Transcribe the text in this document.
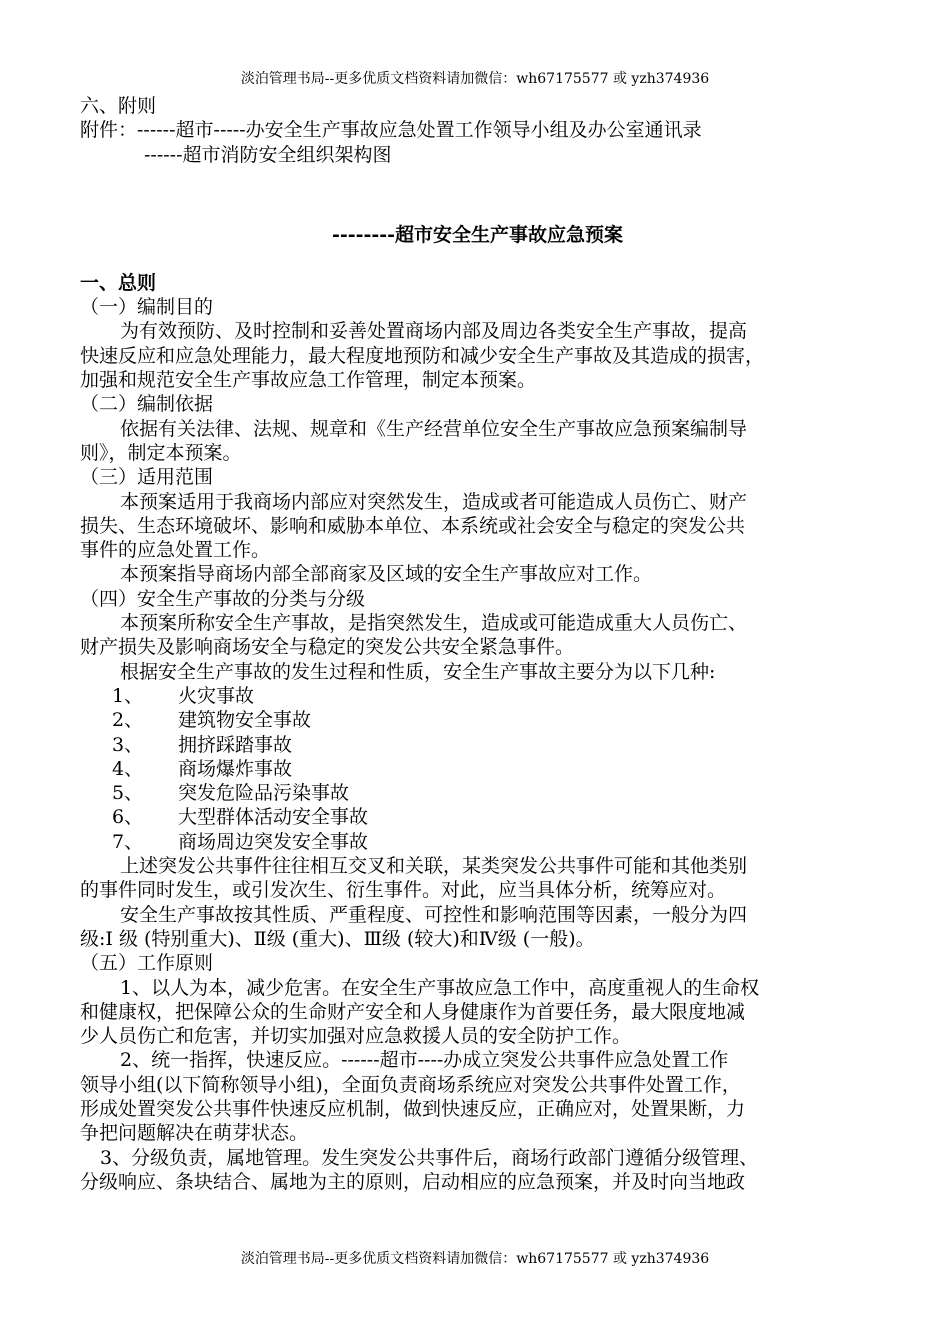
淡泊管理书局--更多优质文档资料请加微信：wh67175577 或 yzh374936

六、附则

附件：------超市-----办安全生产事故应急处置工作领导小组及办公室通讯录

------超市消防安全组织架构图

--------超市安全生产事故应急预案

一、总则

（一）编制目的

为有效预防、及时控制和妥善处置商场内部及周边各类安全生产事故，提高

快速反应和应急处理能力，最大程度地预防和减少安全生产事故及其造成的损害，

加强和规范安全生产事故应急工作管理，制定本预案。

（二）编制依据

依据有关法律、法规、规章和《生产经营单位安全生产事故应急预案编制导

则》，制定本预案。

（三）适用范围

本预案适用于我商场内部应对突然发生，造成或者可能造成人员伤亡、财产

损失、生态环境破坏、影响和威胁本单位、本系统或社会安全与稳定的突发公共

事件的应急处置工作。

本预案指导商场内部全部商家及区域的安全生产事故应对工作。

（四）安全生产事故的分类与分级

本预案所称安全生产事故，是指突然发生，造成或可能造成重大人员伤亡、

财产损失及影响商场安全与稳定的突发公共安全紧急事件。

根据安全生产事故的发生过程和性质，安全生产事故主要分为以下几种:

1、 火灾事故

2、 建筑物安全事故

3、 拥挤踩踏事故

4、 商场爆炸事故

5、 突发危险品污染事故

6、 大型群体活动安全事故

7、 商场周边突发安全事故

上述突发公共事件往往相互交叉和关联，某类突发公共事件可能和其他类别

的事件同时发生，或引发次生、衍生事件。对此，应当具体分析，统筹应对。

安全生产事故按其性质、严重程度、可控性和影响范围等因素，一般分为四

级:Ⅰ 级 (特别重大)、Ⅱ级 (重大)、Ⅲ级 (较大)和Ⅳ级 (一般)。

（五）工作原则

1、以人为本，减少危害。在安全生产事故应急工作中，高度重视人的生命权

和健康权，把保障公众的生命财产安全和人身健康作为首要任务，最大限度地减

少人员伤亡和危害，并切实加强对应急救援人员的安全防护工作。

2、统一指挥，快速反应。------超市----办成立突发公共事件应急处置工作

领导小组(以下简称领导小组)，全面负责商场系统应对突发公共事件处置工作，

形成处置突发公共事件快速反应机制，做到快速反应，正确应对，处置果断，力

争把问题解决在萌芽状态。

3、分级负责，属地管理。发生突发公共事件后，商场行政部门遵循分级管理、

分级响应、条块结合、属地为主的原则，启动相应的应急预案，并及时向当地政

淡泊管理书局--更多优质文档资料请加微信：wh67175577 或 yzh374936
